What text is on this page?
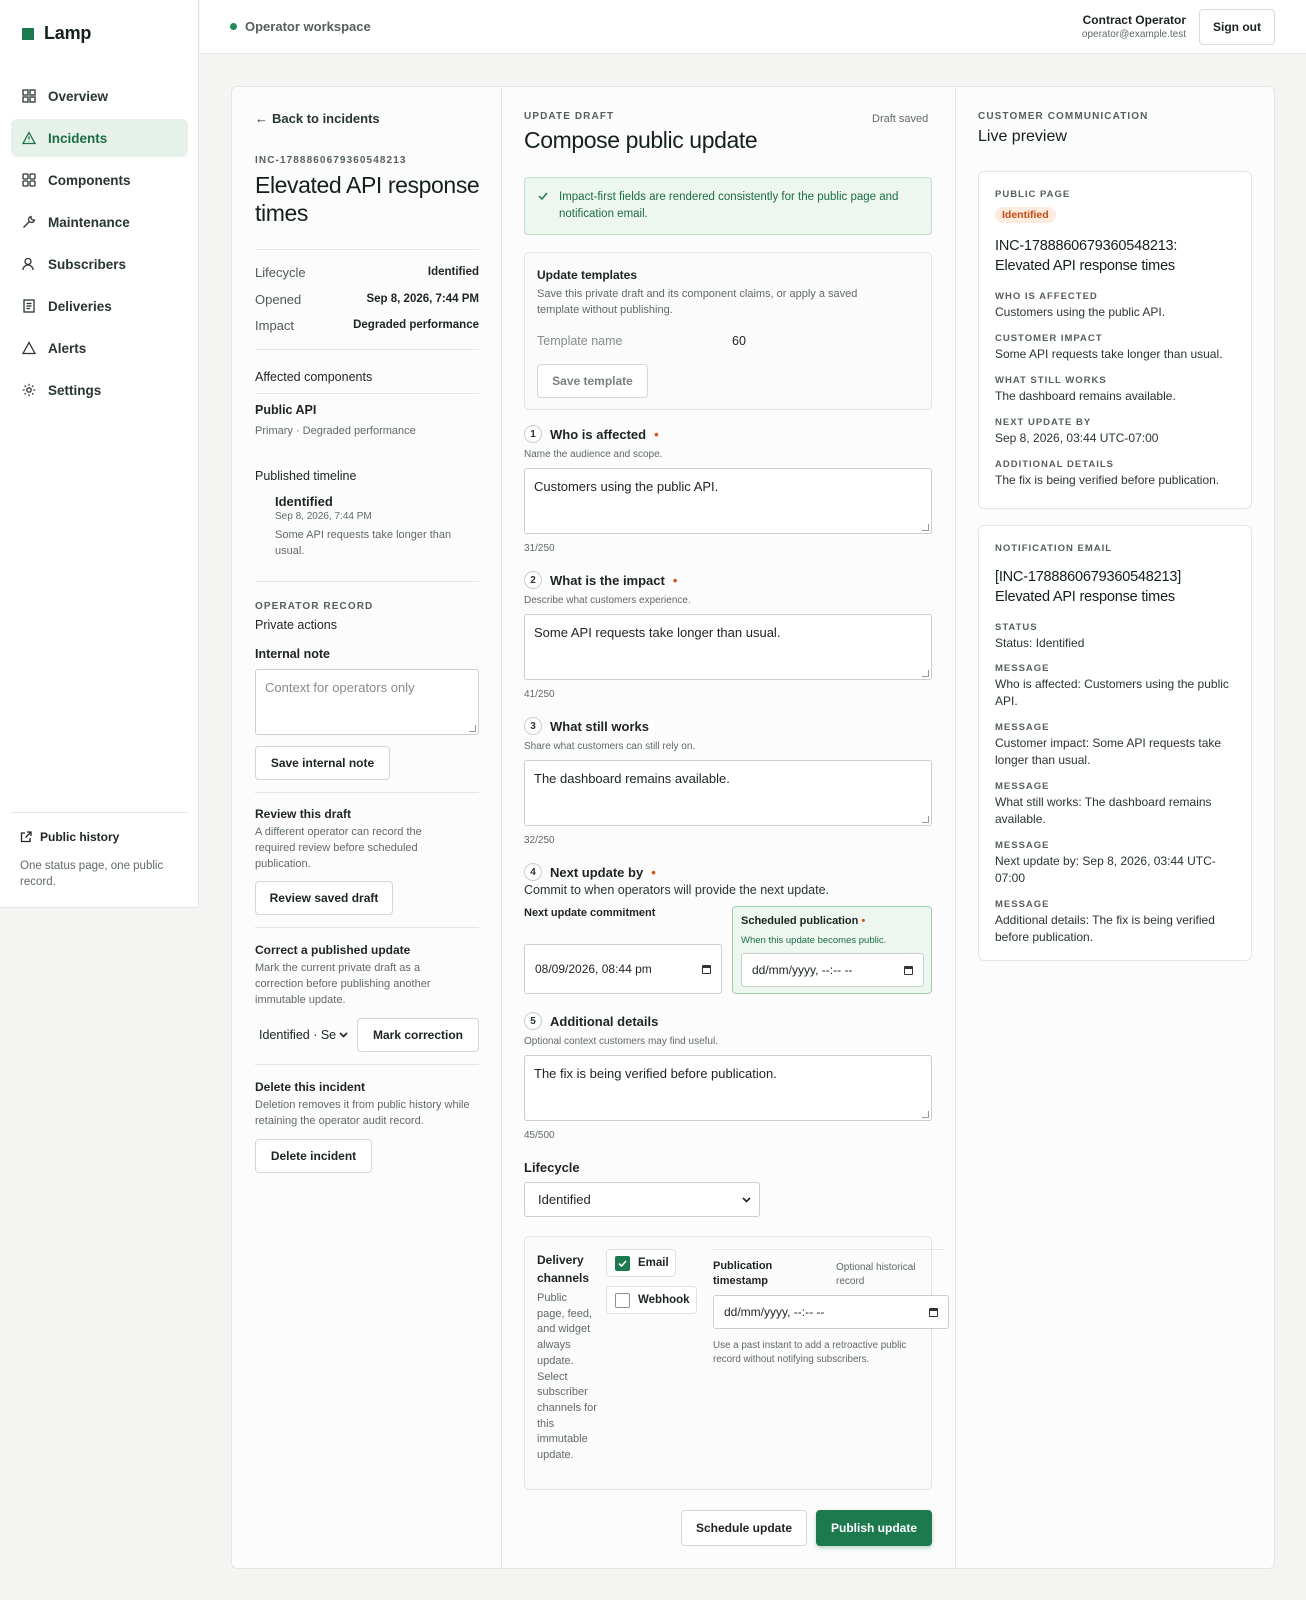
Lamp
Overview
Incidents
Components
Maintenance
Subscribers
Deliveries
Alerts
Settings
Public history
One status page, one public record.
Operator workspace	Contract Operator
operator@example.test
Sign out
← Back to incidents
INC-1788860679360548213
Elevated API response times
Lifecycle	Identified
Opened	Sep 8, 2026, 7:44 PM
Impact	Degraded performance
Affected components
Public API
Primary · Degraded performance
Published timeline
Identified
Sep 8, 2026, 7:44 PM
Some API requests take longer than usual.
OPERATOR RECORD
Private actions
Internal note
Context for operators only
Save internal note
Review this draft
A different operator can record the required review before scheduled publication.
Review saved draft
Correct a published update
Mark the current private draft as a correction before publishing another immutable update.
Identified · Se	Mark correction
Delete this incident
Deletion removes it from public history while retaining the operator audit record.
Delete incident
UPDATE DRAFT	Draft saved
Compose public update
Impact-first fields are rendered consistently for the public page and notification email.
Update templates
Save this private draft and its component claims, or apply a saved template without publishing.
Template name	60
Save template
1	Who is affected •
Name the audience and scope.
Customers using the public API.
31/250
2	What is the impact •
Describe what customers experience.
Some API requests take longer than usual.
41/250
3	What still works
Share what customers can still rely on.
The dashboard remains available.
32/250
4	Next update by •
Commit to when operators will provide the next update.
Next update commitment
08/09/2026, 08:44 pm
Scheduled publication •
When this update becomes public.
dd/mm/yyyy, --:-- --
5	Additional details
Optional context customers may find useful.
The fix is being verified before publication.
45/500
Lifecycle
Identified
Delivery channels
Public page, feed, and widget always update. Select subscriber channels for this immutable update.
Email
Webhook
Publication timestamp
Optional historical record
dd/mm/yyyy, --:-- --
Use a past instant to add a retroactive public record without notifying subscribers.
Schedule update	Publish update
CUSTOMER COMMUNICATION
Live preview
PUBLIC PAGE
Identified
INC-1788860679360548213: Elevated API response times
WHO IS AFFECTED
Customers using the public API.
CUSTOMER IMPACT
Some API requests take longer than usual.
WHAT STILL WORKS
The dashboard remains available.
NEXT UPDATE BY
Sep 8, 2026, 03:44 UTC-07:00
ADDITIONAL DETAILS
The fix is being verified before publication.
NOTIFICATION EMAIL
[INC-1788860679360548213] Elevated API response times
STATUS
Status: Identified
MESSAGE
Who is affected: Customers using the public API.
MESSAGE
Customer impact: Some API requests take longer than usual.
MESSAGE
What still works: The dashboard remains available.
MESSAGE
Next update by: Sep 8, 2026, 03:44 UTC-07:00
MESSAGE
Additional details: The fix is being verified before publication.
